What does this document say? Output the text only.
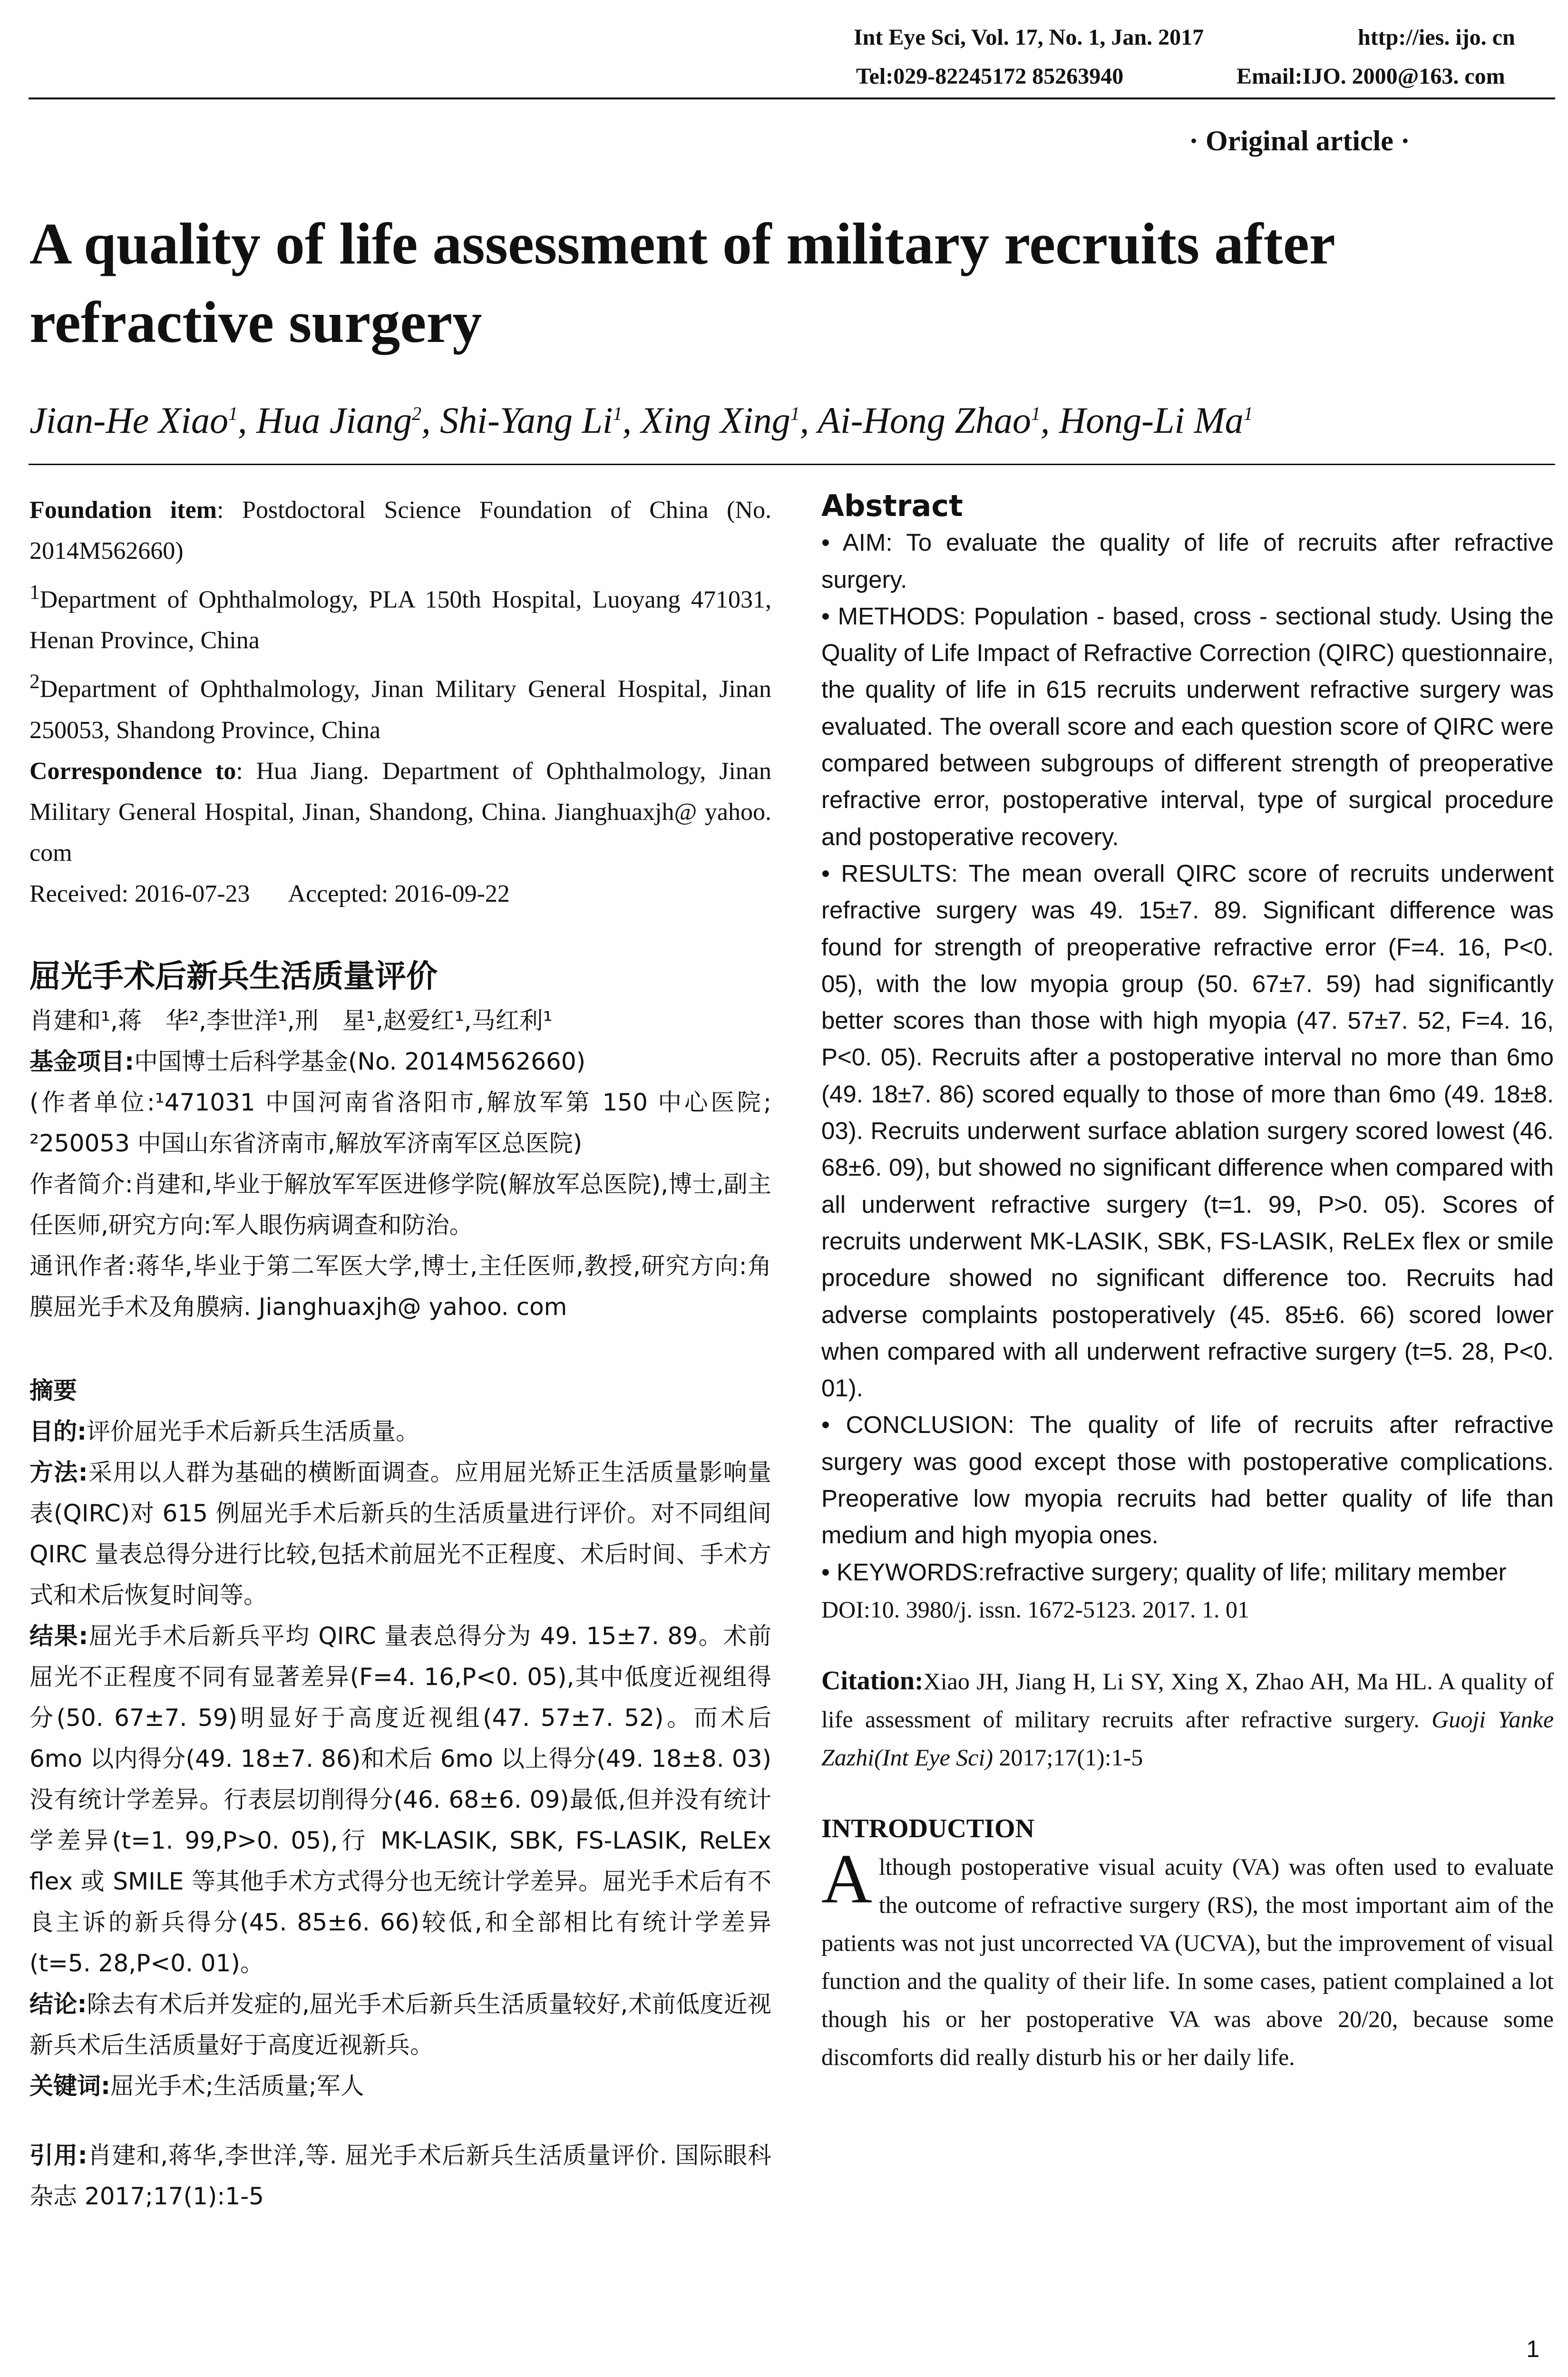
Int Eye Sci, Vol. 17, No. 1, Jan. 2017	http://ies. ijo. cn
Tel:029-82245172 85263940	Email:IJO. 2000@163. com
· Original article ·
A quality of life assessment of military recruits after refractive surgery
Jian-He Xiao$^1$, Hua Jiang$^2$, Shi-Yang Li$^1$, Xing Xing$^1$, Ai-Hong Zhao$^1$, Hong-Li Ma$^1$

Foundation item: Postdoctoral Science Foundation of China (No. 2014M562660)

$^1$Department of Ophthalmology, PLA 150th Hospital, Luoyang 471031, Henan Province, China

$^2$Department of Ophthalmology, Jinan Military General Hospital, Jinan 250053, Shandong Province, China

Correspondence to: Hua Jiang. Department of Ophthalmology, Jinan Military General Hospital, Jinan, Shandong, China. Jianghuaxjh@ yahoo. com

Received: 2016-07-23 Accepted: 2016-09-22

屈光手术后新兵生活质量评价
肖建和¹,蒋　华²,李世洋¹,刑　星¹,赵爱红¹,马红利¹
基金项目:中国博士后科学基金(No. 2014M562660)
(作者单位:¹471031 中国河南省洛阳市,解放军第 150 中心医院; ²250053 中国山东省济南市,解放军济南军区总医院)
作者简介:肖建和,毕业于解放军军医进修学院(解放军总医院),博士,副主任医师,研究方向:军人眼伤病调查和防治。
通讯作者:蒋华,毕业于第二军医大学,博士,主任医师,教授,研究方向:角膜屈光手术及角膜病. Jianghuaxjh@ yahoo. com
摘要
目的:评价屈光手术后新兵生活质量。
方法:采用以人群为基础的横断面调查。应用屈光矫正生活质量影响量表(QIRC)对 615 例屈光手术后新兵的生活质量进行评价。对不同组间 QIRC 量表总得分进行比较,包括术前屈光不正程度、术后时间、手术方式和术后恢复时间等。
结果:屈光手术后新兵平均 QIRC 量表总得分为 49. 15±7. 89。术前屈光不正程度不同有显著差异(F=4. 16,P<0. 05),其中低度近视组得分(50. 67±7. 59)明显好于高度近视组(47. 57±7. 52)。而术后 6mo 以内得分(49. 18±7. 86)和术后 6mo 以上得分(49. 18±8. 03)没有统计学差异。行表层切削得分(46. 68±6. 09)最低,但并没有统计学差异(t=1. 99,P>0. 05),行 MK-LASIK, SBK, FS-LASIK, ReLEx flex 或 SMILE 等其他手术方式得分也无统计学差异。屈光手术后有不良主诉的新兵得分(45. 85±6. 66)较低,和全部相比有统计学差异(t=5. 28,P<0. 01)。
结论:除去有术后并发症的,屈光手术后新兵生活质量较好,术前低度近视新兵术后生活质量好于高度近视新兵。
关键词:屈光手术;生活质量;军人
引用:肖建和,蒋华,李世洋,等. 屈光手术后新兵生活质量评价. 国际眼科杂志 2017;17(1):1-5
Abstract

• AIM: To evaluate the quality of life of recruits after refractive surgery.

• METHODS: Population - based, cross - sectional study. Using the Quality of Life Impact of Refractive Correction (QIRC) questionnaire, the quality of life in 615 recruits underwent refractive surgery was evaluated. The overall score and each question score of QIRC were compared between subgroups of different strength of preoperative refractive error, postoperative interval, type of surgical procedure and postoperative recovery.

• RESULTS: The mean overall QIRC score of recruits underwent refractive surgery was 49. 15±7. 89. Significant difference was found for strength of preoperative refractive error (F=4. 16, P<0. 05), with the low myopia group (50. 67±7. 59) had significantly better scores than those with high myopia (47. 57±7. 52, F=4. 16, P<0. 05). Recruits after a postoperative interval no more than 6mo (49. 18±7. 86) scored equally to those of more than 6mo (49. 18±8. 03). Recruits underwent surface ablation surgery scored lowest (46. 68±6. 09), but showed no significant difference when compared with all underwent refractive surgery (t=1. 99, P>0. 05). Scores of recruits underwent MK-LASIK, SBK, FS-LASIK, ReLEx flex or smile procedure showed no significant difference too. Recruits had adverse complaints postoperatively (45. 85±6. 66) scored lower when compared with all underwent refractive surgery (t=5. 28, P<0. 01).

• CONCLUSION: The quality of life of recruits after refractive surgery was good except those with postoperative complications. Preoperative low myopia recruits had better quality of life than medium and high myopia ones.

• KEYWORDS:refractive surgery; quality of life; military member

DOI:10. 3980/j. issn. 1672-5123. 2017. 1. 01

Citation:Xiao JH, Jiang H, Li SY, Xing X, Zhao AH, Ma HL. A quality of life assessment of military recruits after refractive surgery. Guoji Yanke Zazhi(Int Eye Sci) 2017;17(1):1-5
INTRODUCTION
Although postoperative visual acuity (VA) was often used to evaluate the outcome of refractive surgery (RS), the most important aim of the patients was not just uncorrected VA (UCVA), but the improvement of visual function and the quality of their life. In some cases, patient complained a lot though his or her postoperative VA was above 20/20, because some discomforts did really disturb his or her daily life.
1
